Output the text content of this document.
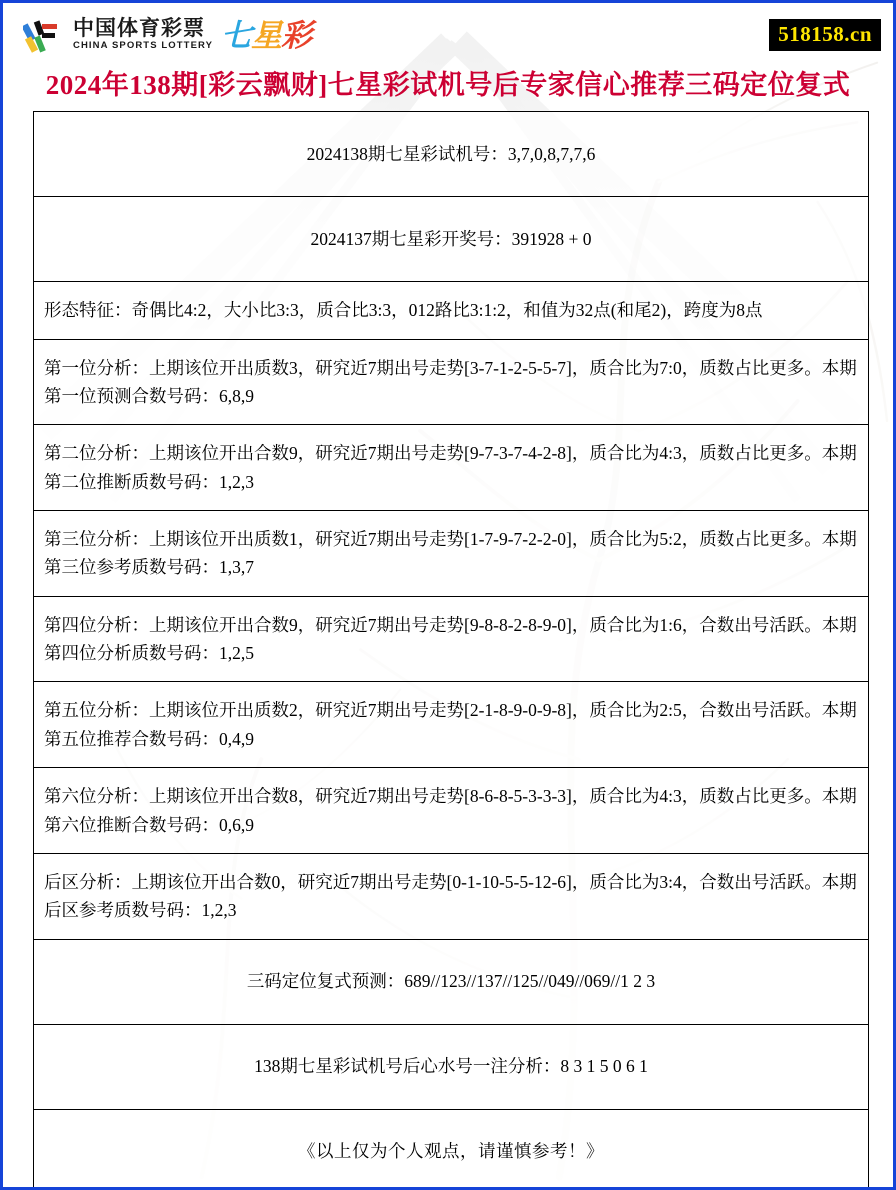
中国体育彩票
CHINA SPORTS LOTTERY 七星彩	518158.cn
2024年138期[彩云飘财]七星彩试机号后专家信心推荐三码定位复式
2024138期七星彩试机号：3,7,0,8,7,7,6
2024137期七星彩开奖号：391928 + 0
形态特征：奇偶比4:2，大小比3:3，质合比3:3，012路比3:1:2，和值为32点(和尾2)，跨度为8点
第一位分析：上期该位开出质数3，研究近7期出号走势[3-7-1-2-5-5-7]，质合比为7:0，质数占比更多。本期第一位预测合数号码：6,8,9
第二位分析：上期该位开出合数9，研究近7期出号走势[9-7-3-7-4-2-8]，质合比为4:3，质数占比更多。本期第二位推断质数号码：1,2,3
第三位分析：上期该位开出质数1，研究近7期出号走势[1-7-9-7-2-2-0]，质合比为5:2，质数占比更多。本期第三位参考质数号码：1,3,7
第四位分析：上期该位开出合数9，研究近7期出号走势[9-8-8-2-8-9-0]，质合比为1:6，合数出号活跃。本期第四位分析质数号码：1,2,5
第五位分析：上期该位开出质数2，研究近7期出号走势[2-1-8-9-0-9-8]，质合比为2:5，合数出号活跃。本期第五位推荐合数号码：0,4,9
第六位分析：上期该位开出合数8，研究近7期出号走势[8-6-8-5-3-3-3]，质合比为4:3，质数占比更多。本期第六位推断合数号码：0,6,9
后区分析：上期该位开出合数0，研究近7期出号走势[0-1-10-5-5-12-6]，质合比为3:4，合数出号活跃。本期后区参考质数号码：1,2,3
三码定位复式预测：689//123//137//125//049//069//1 2 3
138期七星彩试机号后心水号一注分析：8 3 1 5 0 6 1
《以上仅为个人观点，请谨慎参考！》
